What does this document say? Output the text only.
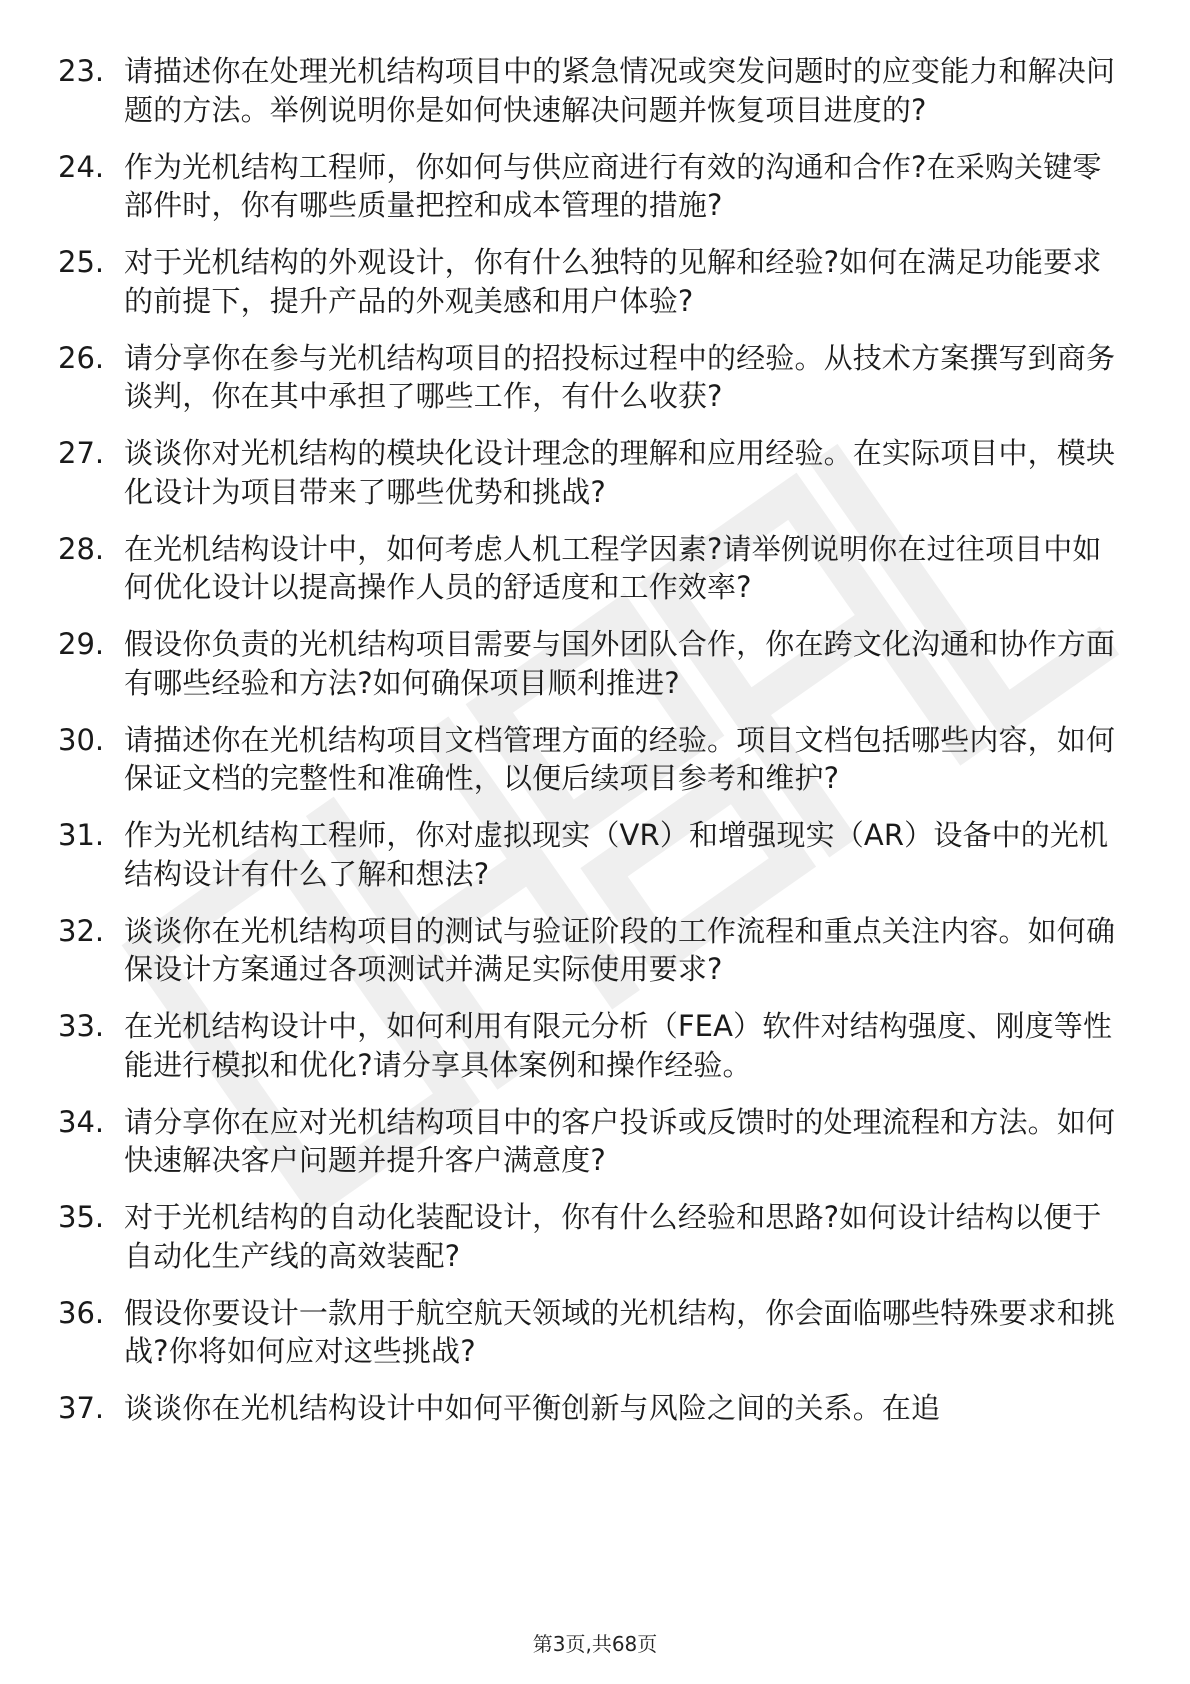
23. 请描述你在处理光机结构项目中的紧急情况或突发问题时的应变能力和解决问题的方法。举例说明你是如何快速解决问题并恢复项目进度的?
24. 作为光机结构工程师，你如何与供应商进行有效的沟通和合作?在采购关键零部件时，你有哪些质量把控和成本管理的措施?
25. 对于光机结构的外观设计，你有什么独特的见解和经验?如何在满足功能要求的前提下，提升产品的外观美感和用户体验?
26. 请分享你在参与光机结构项目的招投标过程中的经验。从技术方案撰写到商务谈判，你在其中承担了哪些工作，有什么收获?
27. 谈谈你对光机结构的模块化设计理念的理解和应用经验。在实际项目中，模块化设计为项目带来了哪些优势和挑战?
28. 在光机结构设计中，如何考虑人机工程学因素?请举例说明你在过往项目中如何优化设计以提高操作人员的舒适度和工作效率?
29. 假设你负责的光机结构项目需要与国外团队合作，你在跨文化沟通和协作方面有哪些经验和方法?如何确保项目顺利推进?
30. 请描述你在光机结构项目文档管理方面的经验。项目文档包括哪些内容，如何保证文档的完整性和准确性，以便后续项目参考和维护?
31. 作为光机结构工程师，你对虚拟现实（VR）和增强现实（AR）设备中的光机结构设计有什么了解和想法?
32. 谈谈你在光机结构项目的测试与验证阶段的工作流程和重点关注内容。如何确保设计方案通过各项测试并满足实际使用要求?
33. 在光机结构设计中，如何利用有限元分析（FEA）软件对结构强度、刚度等性能进行模拟和优化?请分享具体案例和操作经验。
34. 请分享你在应对光机结构项目中的客户投诉或反馈时的处理流程和方法。如何快速解决客户问题并提升客户满意度?
35. 对于光机结构的自动化装配设计，你有什么经验和思路?如何设计结构以便于自动化生产线的高效装配?
36. 假设你要设计一款用于航空航天领域的光机结构，你会面临哪些特殊要求和挑战?你将如何应对这些挑战?
37. 谈谈你在光机结构设计中如何平衡创新与风险之间的关系。在追
第3页,共68页
